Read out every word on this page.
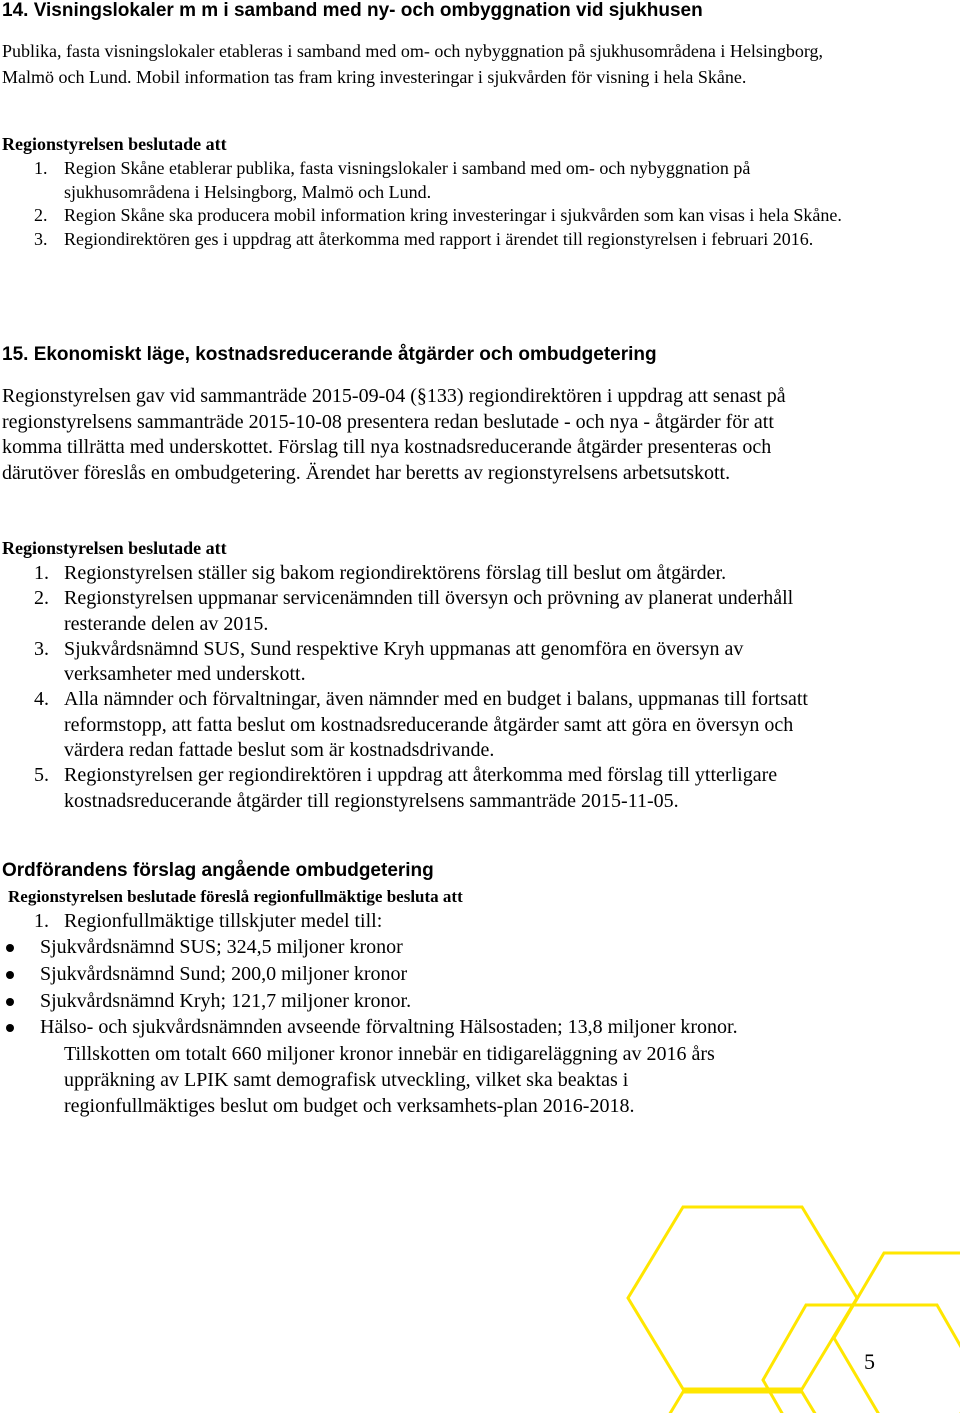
14. Visningslokaler m m i samband med ny- och ombyggnation vid sjukhusen

Publika, fasta visningslokaler etableras i samband med om- och nybyggnation på sjukhusområdena i Helsingborg, Malmö och Lund. Mobil information tas fram kring investeringar i sjukvården för visning i hela Skåne.

Regionstyrelsen beslutade att

1. Region Skåne etablerar publika, fasta visningslokaler i samband med om- och nybyggnation på sjukhusområdena i Helsingborg, Malmö och Lund.
2. Region Skåne ska producera mobil information kring investeringar i sjukvården som kan visas i hela Skåne.
3. Regiondirektören ges i uppdrag att återkomma med rapport i ärendet till regionstyrelsen i februari 2016.
15. Ekonomiskt läge, kostnadsreducerande åtgärder och ombudgetering

Regionstyrelsen gav vid sammanträde 2015-09-04 (§133) regiondirektören i uppdrag att senast på regionstyrelsens sammanträde 2015-10-08 presentera redan beslutade - och nya - åtgärder för att komma tillrätta med underskottet. Förslag till nya kostnadsreducerande åtgärder presenteras och därutöver föreslås en ombudgetering. Ärendet har beretts av regionstyrelsens arbetsutskott.

Regionstyrelsen beslutade att

1. Regionstyrelsen ställer sig bakom regiondirektörens förslag till beslut om åtgärder.
2. Regionstyrelsen uppmanar servicenämnden till översyn och prövning av planerat underhåll resterande delen av 2015.
3. Sjukvårdsnämnd SUS, Sund respektive Kryh uppmanas att genomföra en översyn av verksamheter med underskott.
4. Alla nämnder och förvaltningar, även nämnder med en budget i balans, uppmanas till fortsatt reformstopp, att fatta beslut om kostnadsreducerande åtgärder samt att göra en översyn och värdera redan fattade beslut som är kostnadsdrivande.
5. Regionstyrelsen ger regiondirektören i uppdrag att återkomma med förslag till ytterligare kostnadsreducerande åtgärder till regionstyrelsens sammanträde 2015-11-05.
Ordförandens förslag angående ombudgetering

Regionstyrelsen beslutade föreslå regionfullmäktige besluta att

1. Regionfullmäktige tillskjuter medel till:
Sjukvårdsnämnd SUS; 324,5 miljoner kronor
Sjukvårdsnämnd Sund; 200,0 miljoner kronor
Sjukvårdsnämnd Kryh; 121,7 miljoner kronor.
Hälso- och sjukvårdsnämnden avseende förvaltning Hälsostaden; 13,8 miljoner kronor.
Tillskotten om totalt 660 miljoner kronor innebär en tidigareläggning av 2016 års uppräkning av LPIK samt demografisk utveckling, vilket ska beaktas i regionfullmäktiges beslut om budget och verksamhets-plan 2016-2018.

5
